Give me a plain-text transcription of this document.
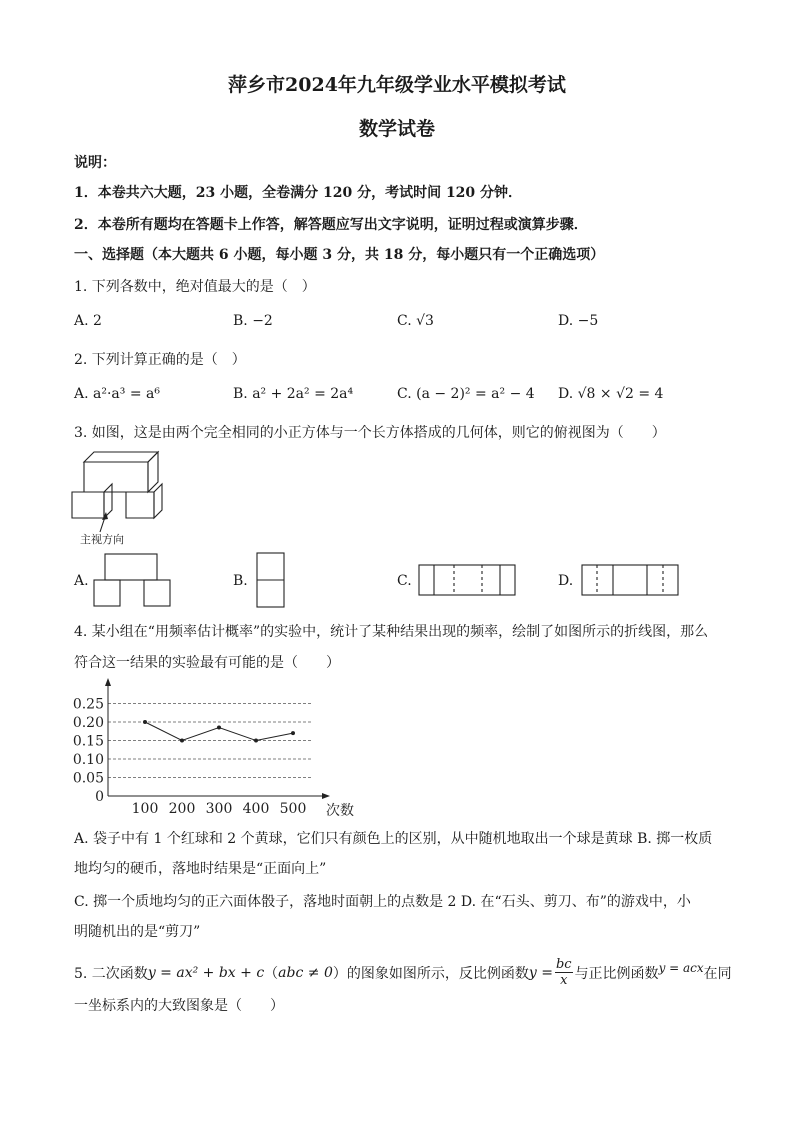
萍乡市2024年九年级学业水平模拟考试
数学试卷
说明：
1．本卷共六大题，23 小题，全卷满分 120 分，考试时间 120 分钟．
2．本卷所有题均在答题卡上作答，解答题应写出文字说明，证明过程或演算步骤．
一、选择题（本大题共 6 小题，每小题 3 分，共 18 分，每小题只有一个正确选项）
1. 下列各数中，绝对值最大的是（　）
A. 2	B. −2	C. √3	D. −5
2. 下列计算正确的是（　）
A. a²·a³ = a⁶	B. a² + 2a² = 2a⁴	C. (a − 2)² = a² − 4 D. √8 × √2 = 4
3. 如图，这是由两个完全相同的小正方体与一个长方体搭成的几何体，则它的俯视图为（　　）
主视方向
A.	B.	C.	D.
4. 某小组在“用频率估计概率”的实验中，统计了某种结果出现的频率，绘制了如图所示的折线图，那么
符合这一结果的实验最有可能的是（　　）
0
0.05
0.10
0.15
0.20
0.25
100 200 300 400 500 次数
A. 袋子中有 1 个红球和 2 个黄球，它们只有颜色上的区别，从中随机地取出一个球是黄球 B. 掷一枚质
地均匀的硬币，落地时结果是“正面向上”
C. 掷一个质地均匀的正六面体骰子，落地时面朝上的点数是 2 D. 在“石头、剪刀、布”的游戏中，小
明随机出的是“剪刀”
5. 二次函数 y = ax² + bx + c （ abc ≠ 0 ）的图象如图所示，反比例函数 $y = \frac{bc}{x}$ 与正比例函数 y = acx 在同
一坐标系内的大致图象是（　　）
